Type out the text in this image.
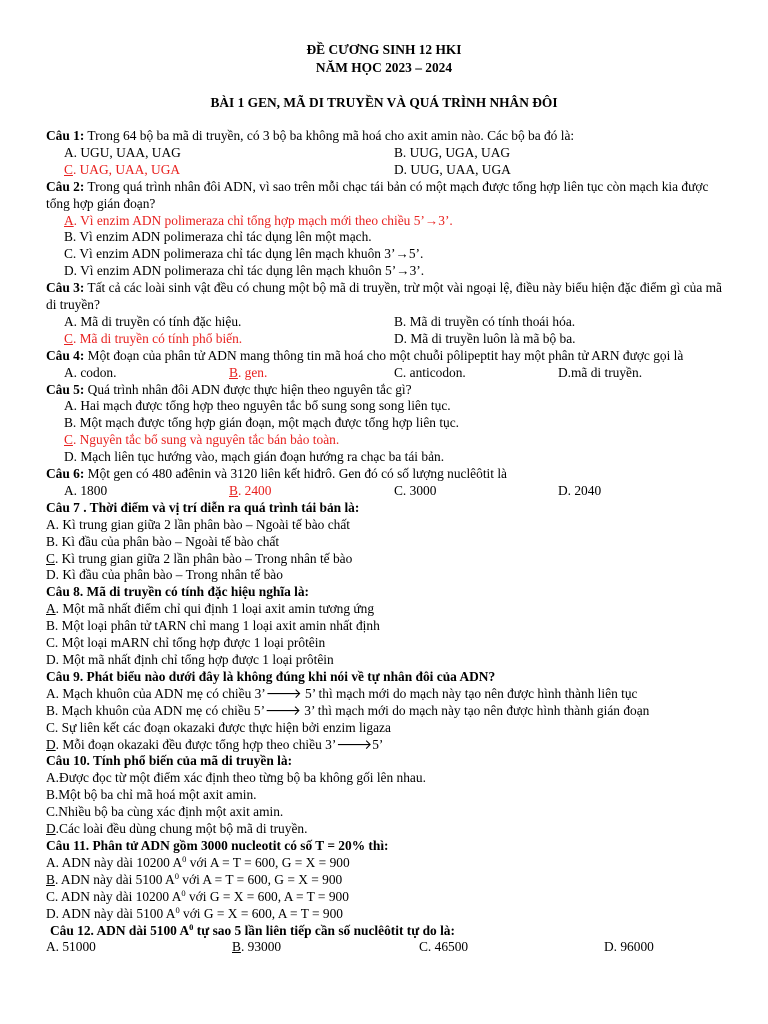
ĐỀ CƯƠNG SINH 12 HKI
NĂM HỌC 2023 – 2024
BÀI 1 GEN, MÃ DI TRUYỀN VÀ QUÁ TRÌNH NHÂN ĐÔI
Câu 1: Trong 64 bộ ba mã di truyền, có 3 bộ ba không mã hoá cho axit amin nào. Các bộ ba đó là:
A. UGU, UAA, UAG	B. UUG, UGA, UAG
C. UAG, UAA, UGA	D. UUG, UAA, UGA
Câu 2: Trong quá trình nhân đôi ADN, vì sao trên mỗi chạc tái bản có một mạch được tổng hợp liên tục còn mạch kia được tổng hợp gián đoạn?
A. Vì enzim ADN polimeraza chỉ tổng hợp mạch mới theo chiều 5’→3’.
B. Vì enzim ADN polimeraza chỉ tác dụng lên một mạch.
C. Vì enzim ADN polimeraza chỉ tác dụng lên mạch khuôn 3’→5’.
D. Vì enzim ADN polimeraza chỉ tác dụng lên mạch khuôn 5’→3’.
Câu 3: Tất cả các loài sinh vật đều có chung một bộ mã di truyền, trừ một vài ngoại lệ, điều này biểu hiện đặc điểm gì của mã di truyền?
A. Mã di truyền có tính đặc hiệu.	B. Mã di truyền có tính thoái hóa.
C. Mã di truyền có tính phổ biến.	D. Mã di truyền luôn là mã bộ ba.
Câu 4: Một đoạn của phân tử ADN mang thông tin mã hoá cho một chuỗi pôlipeptit hay một phân tử ARN được gọi là
A. codon.	B. gen.	C. anticodon.	D.mã di truyền.
Câu 5: Quá trình nhân đôi ADN được thực hiện theo nguyên tắc gì?
A. Hai mạch được tổng hợp theo nguyên tắc bổ sung song song liên tục.
B. Một mạch được tổng hợp gián đoạn, một mạch được tổng hợp liên tục.
C. Nguyên tắc bổ sung và nguyên tắc bán bảo toàn.
D. Mạch liên tục hướng vào, mạch gián đoạn hướng ra chạc ba tái bản.
Câu 6: Một gen có 480 ađênin và 3120 liên kết hiđrô. Gen đó có số lượng nuclêôtit là
A. 1800	B. 2400	C. 3000	D. 2040
Câu 7 . Thời điểm và vị trí diễn ra quá trình tái bản là:
A. Kì trung gian giữa 2 lần phân bào – Ngoài tế bào chất
B. Kì đầu của phân bào – Ngoài tế bào chất
C. Kì trung gian giữa 2 lần phân bào – Trong nhân tế bào
D. Kì đầu của phân bào – Trong nhân tế bào
Câu 8. Mã di truyền có tính đặc hiệu nghĩa là:
A. Một mã nhất điểm chỉ qui định 1 loại axit amin tương ứng
B. Một loại phân tử tARN chỉ mang 1 loại axit amin nhất định
C. Một loại mARN chỉ tổng hợp được 1 loại prôtêin
D. Một mã nhất định chỉ tổng hợp được 1 loại prôtêin
Câu 9. Phát biểu nào dưới đây là không đúng khi nói về tự nhân đôi của ADN?
A. Mạch khuôn của ADN mẹ có chiều 3’🡒 5’ thì mạch mới do mạch này tạo nên được hình thành liên tục
B. Mạch khuôn của ADN mẹ có chiều 5’🡒 3’ thì mạch mới do mạch này tạo nên được hình thành gián đoạn
C. Sự liên kết các đoạn okazaki được thực hiện bởi enzim ligaza
D. Mỗi đoạn okazaki đều được tổng hợp theo chiều 3’🡒5’
Câu 10. Tính phổ biến của mã di truyền là:
A.Được đọc từ một điểm xác định theo từng bộ ba không gối lên nhau.
B.Một bộ ba chỉ mã hoá một axit amin.
C.Nhiều bộ ba cùng xác định một axit amin.
D.Các loài đều dùng chung một bộ mã di truyền.
Câu 11. Phân tử ADN gồm 3000 nucleotit có số T = 20% thì:
A. ADN này dài 10200 $A^0$ với A = T = 600, G = X = 900
B. ADN này dài 5100 $A^0$ với A = T = 600, G = X = 900
C. ADN này dài 10200 $A^0$ với G = X = 600, A = T = 900
D. ADN này dài 5100 $A^0$ với G = X = 600, A = T = 900
Câu 12. ADN dài 5100 $A^0$ tự sao 5 lần liên tiếp cần số nuclêôtit tự do là:
A. 51000	B. 93000	C. 46500	D. 96000
